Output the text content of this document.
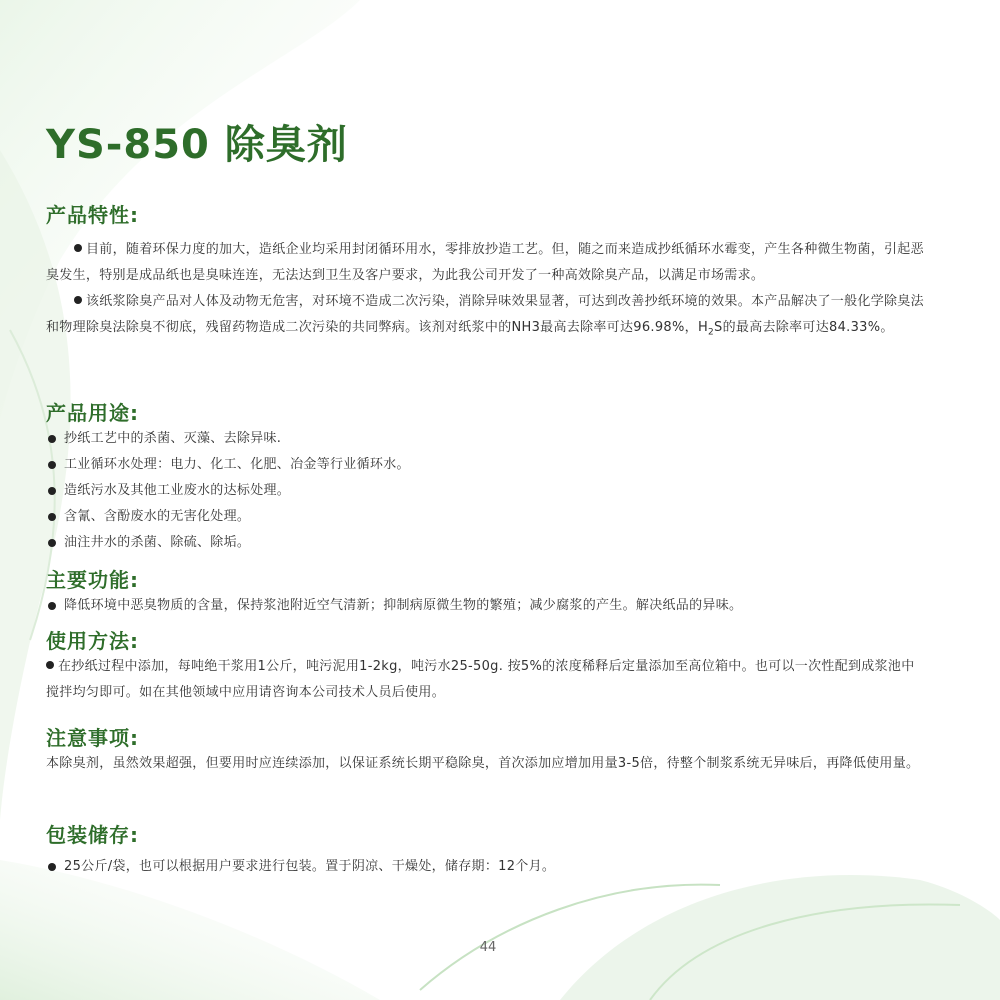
YS-850 除臭剂
产品特性:

目前，随着环保力度的加大，造纸企业均采用封闭循环用水，零排放抄造工艺。但，随之而来造成抄纸循环水霉变，产生各种微生物菌，引起恶臭发生，特别是成品纸也是臭味连连，无法达到卫生及客户要求，为此我公司开发了一种高效除臭产品，以满足市场需求。

该纸浆除臭产品对人体及动物无危害，对环境不造成二次污染，消除异味效果显著，可达到改善抄纸环境的效果。本产品解决了一般化学除臭法和物理除臭法除臭不彻底，残留药物造成二次污染的共同弊病。该剂对纸浆中的NH3最高去除率可达96.98%，$H_2S$的最高去除率可达84.33%。

产品用途:
抄纸工艺中的杀菌、灭藻、去除异味.
工业循环水处理：电力、化工、化肥、冶金等行业循环水。
造纸污水及其他工业废水的达标处理。
含氰、含酚废水的无害化处理。
油注井水的杀菌、除硫、除垢。
主要功能:
降低环境中恶臭物质的含量，保持浆池附近空气清新；抑制病原微生物的繁殖；减少腐浆的产生。解决纸品的异味。
使用方法:

在抄纸过程中添加，每吨绝干浆用1公斤，吨污泥用1-2kg，吨污水25-50g. 按5%的浓度稀释后定量添加至高位箱中。也可以一次性配到成浆池中搅拌均匀即可。如在其他领域中应用请咨询本公司技术人员后使用。

注意事项:

本除臭剂，虽然效果超强，但要用时应连续添加，以保证系统长期平稳除臭，首次添加应增加用量3-5倍，待整个制浆系统无异味后，再降低使用量。

包装储存:
25公斤/袋，也可以根据用户要求进行包装。置于阴凉、干燥处，储存期：12个月。
44
